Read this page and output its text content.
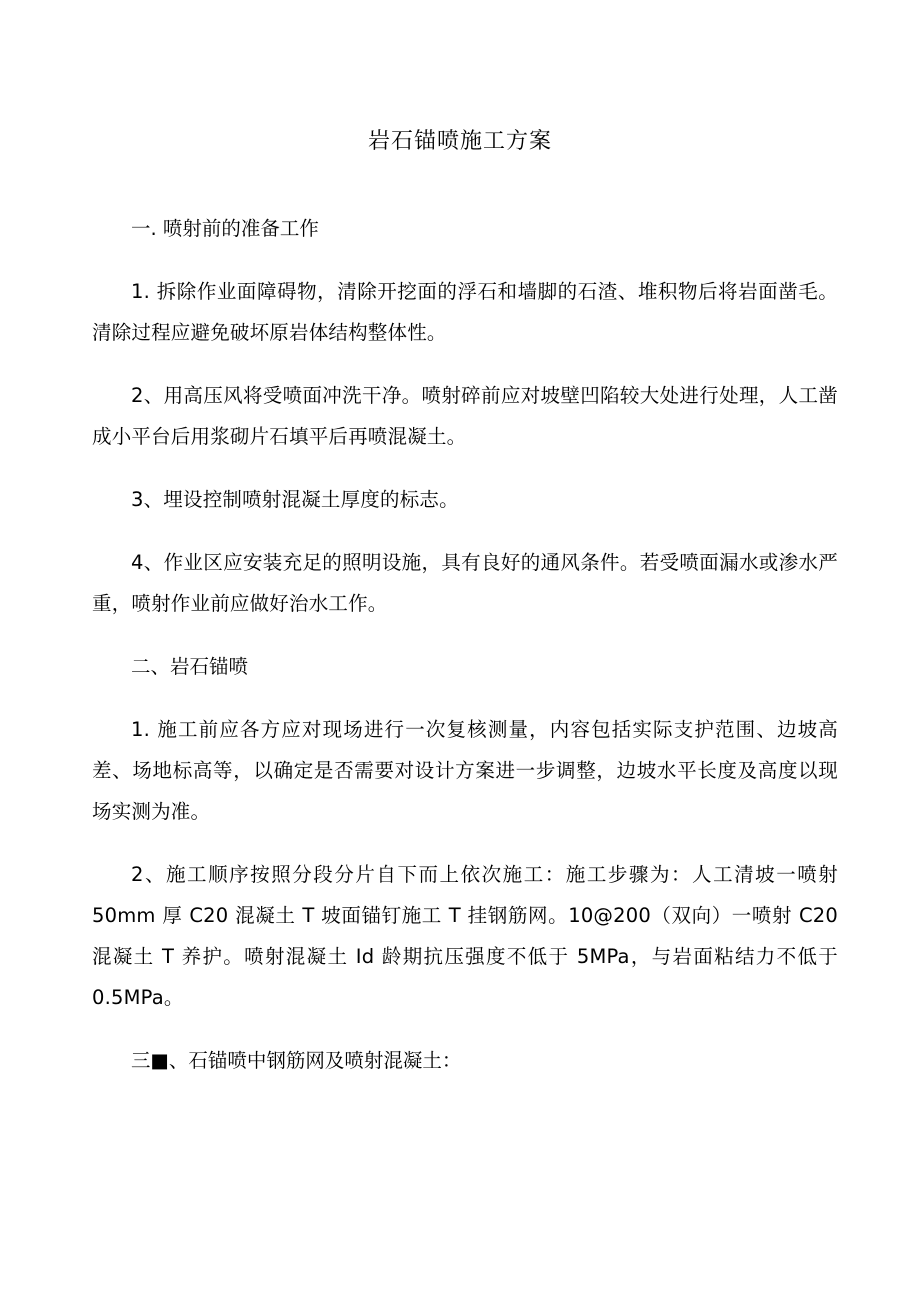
岩石锚喷施工方案

一. 喷射前的准备工作

1. 拆除作业面障碍物，清除开挖面的浮石和墙脚的石渣、堆积物后将岩面凿毛。清除过程应避免破坏原岩体结构整体性。

2、用高压风将受喷面冲洗干净。喷射碎前应对坡壁凹陷较大处进行处理，人工凿成小平台后用浆砌片石填平后再喷混凝土。

3、埋设控制喷射混凝土厚度的标志。

4、作业区应安装充足的照明设施，具有良好的通风条件。若受喷面漏水或渗水严重，喷射作业前应做好治水工作。

二、岩石锚喷

1. 施工前应各方应对现场进行一次复核测量，内容包括实际支护范围、边坡高差、场地标高等，以确定是否需要对设计方案进一步调整，边坡水平长度及高度以现场实测为准。

2、施工顺序按照分段分片自下而上依次施工：施工步骤为：人工清坡一喷射 50mm 厚 C20 混凝土 T 坡面锚钉施工 T 挂钢筋网。10@200（双向）一喷射 C20 混凝土 T 养护。喷射混凝土 Id 龄期抗压强度不低于 5MPa，与岩面粘结力不低于 0.5MPa。

三■、石锚喷中钢筋网及喷射混凝土：
